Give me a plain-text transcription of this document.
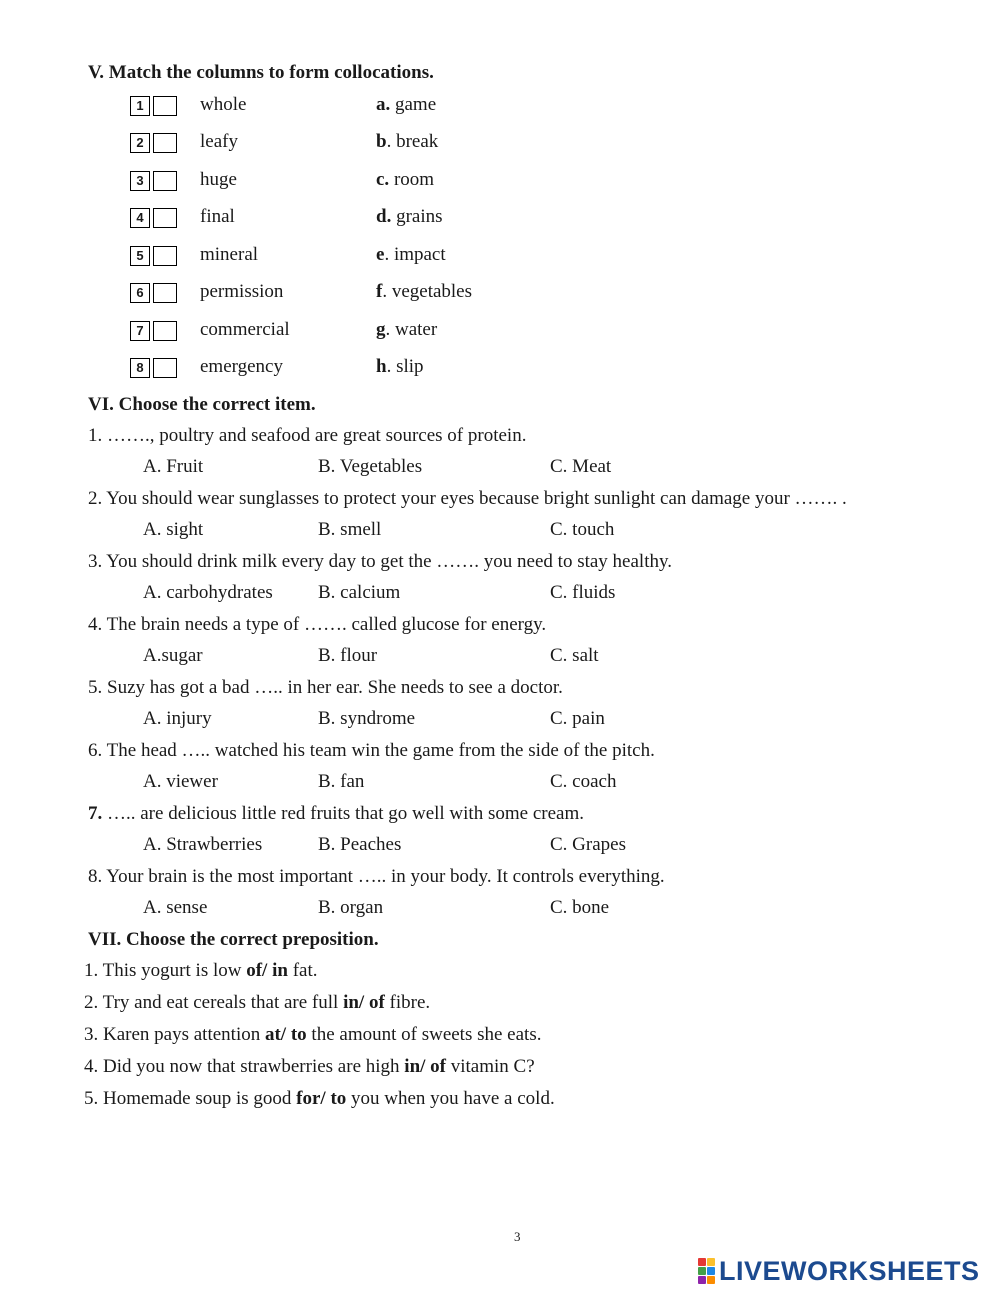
V. Match the columns to form collocations.
1	whole	a. game
2	leafy	b. break
3	huge	c. room
4	final	d. grains
5	mineral	e. impact
6	permission	f. vegetables
7	commercial	g. water
8	emergency	h. slip
VI. Choose the correct item.
1. ……., poultry and seafood are great sources of protein.
A. Fruit	B. Vegetables	C. Meat
2. You should wear sunglasses to protect your eyes because bright sunlight can damage your ……. .
A. sight	B. smell	C. touch
3. You should drink milk every day to get the ……. you need to stay healthy.
A. carbohydrates B. calcium	C. fluids
4. The brain needs a type of ……. called glucose for energy.
A.sugar	B. flour	C. salt
5. Suzy has got a bad ….. in her ear. She needs to see a doctor.
A. injury	B. syndrome	C. pain
6. The head ….. watched his team win the game from the side of the pitch.
A. viewer	B. fan	C. coach
7. ….. are delicious little red fruits that go well with some cream.
A. Strawberries	B. Peaches	C. Grapes
8. Your brain is the most important ….. in your body. It controls everything.
A. sense	B. organ	C. bone
VII. Choose the correct preposition.
1. This yogurt is low of/ in fat.
2. Try and eat cereals that are full in/ of fibre.
3. Karen pays attention at/ to the amount of sweets she eats.
4. Did you now that strawberries are high in/ of vitamin C?
5. Homemade soup is good for/ to you when you have a cold.
3
LIVEWORKSHEETS
